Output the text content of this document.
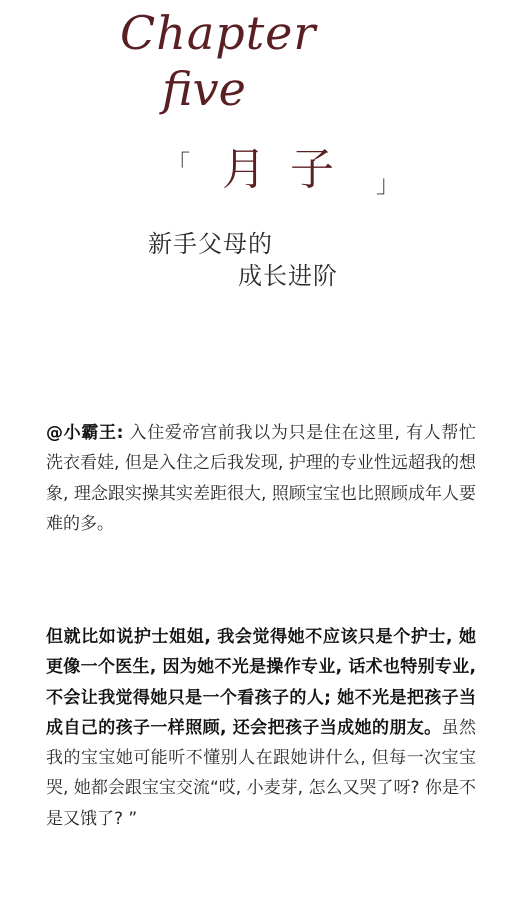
Chapter
five
「 月子 」
新手父母的
成长进阶

@小霸王: 入住爱帝宫前我以为只是住在这里, 有人帮忙洗衣看娃, 但是入住之后我发现, 护理的专业性远超我的想象, 理念跟实操其实差距很大, 照顾宝宝也比照顾成年人要难的多。

但就比如说护士姐姐, 我会觉得她不应该只是个护士, 她更像一个医生, 因为她不光是操作专业, 话术也特别专业, 不会让我觉得她只是一个看孩子的人; 她不光是把孩子当成自己的孩子一样照顾, 还会把孩子当成她的朋友。虽然我的宝宝她可能听不懂别人在跟她讲什么, 但每一次宝宝哭, 她都会跟宝宝交流“哎, 小麦芽, 怎么又哭了呀? 你是不是又饿了? ”
